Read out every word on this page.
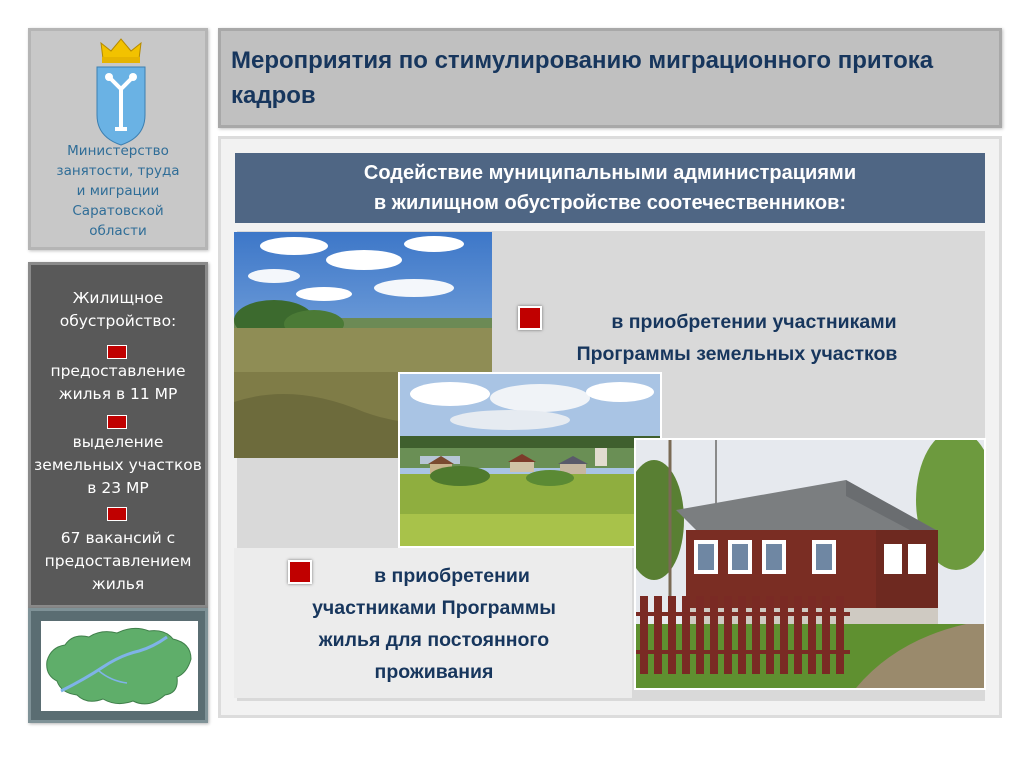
Министерство
занятости, труда
и миграции
Саратовской
области
Жилищное
обустройство:
предоставление
жилья в 11 МР
выделение
земельных участков
в 23 МР
67 вакансий с
предоставлением
жилья
Мероприятия по стимулированию миграционного притока кадров
Содействие муниципальными администрациями
в жилищном обустройстве соотечественников:
в приобретении участниками
Программы земельных участков
в приобретении
участниками Программы
жилья для постоянного
проживания
